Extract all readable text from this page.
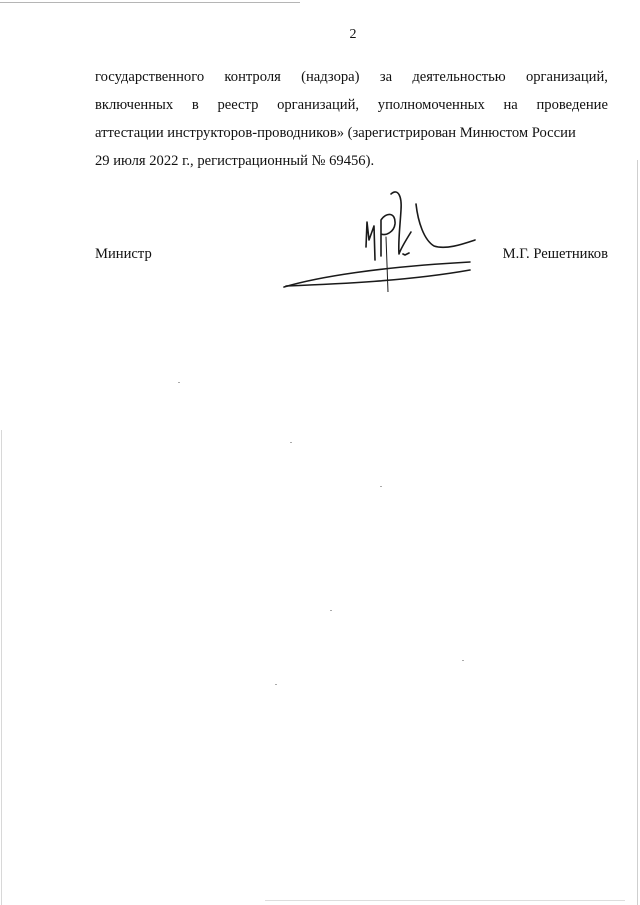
2
государственного контроля (надзора) за деятельностью организаций,
включенных в реестр организаций, уполномоченных на проведение
аттестации инструкторов-проводников» (зарегистрирован Минюстом России
29 июля 2022 г., регистрационный № 69456).
Министр	М.Г. Решетников
